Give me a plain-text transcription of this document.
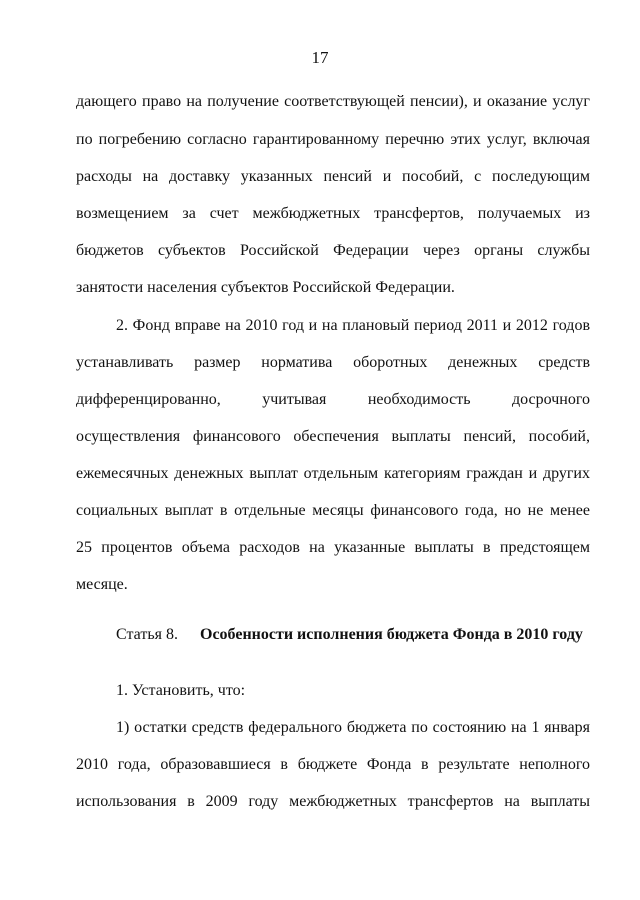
17
дающего право на получение соответствующей пенсии), и оказание услуг
по погребению согласно гарантированному перечню этих услуг, включая
расходы на доставку указанных пенсий и пособий, с последующим
возмещением за счет межбюджетных трансфертов, получаемых из
бюджетов субъектов Российской Федерации через органы службы
занятости населения субъектов Российской Федерации.
2. Фонд вправе на 2010 год и на плановый период 2011 и 2012 годов
устанавливать размер норматива оборотных денежных средств
дифференцированно, учитывая необходимость досрочного
осуществления финансового обеспечения выплаты пенсий, пособий,
ежемесячных денежных выплат отдельным категориям граждан и других
социальных выплат в отдельные месяцы финансового года, но не менее
25 процентов объема расходов на указанные выплаты в предстоящем
месяце.
Статья 8. Особенности исполнения бюджета Фонда в 2010 году
1. Установить, что:
1) остатки средств федерального бюджета по состоянию на 1 января
2010 года, образовавшиеся в бюджете Фонда в результате неполного
использования в 2009 году межбюджетных трансфертов на выплаты
